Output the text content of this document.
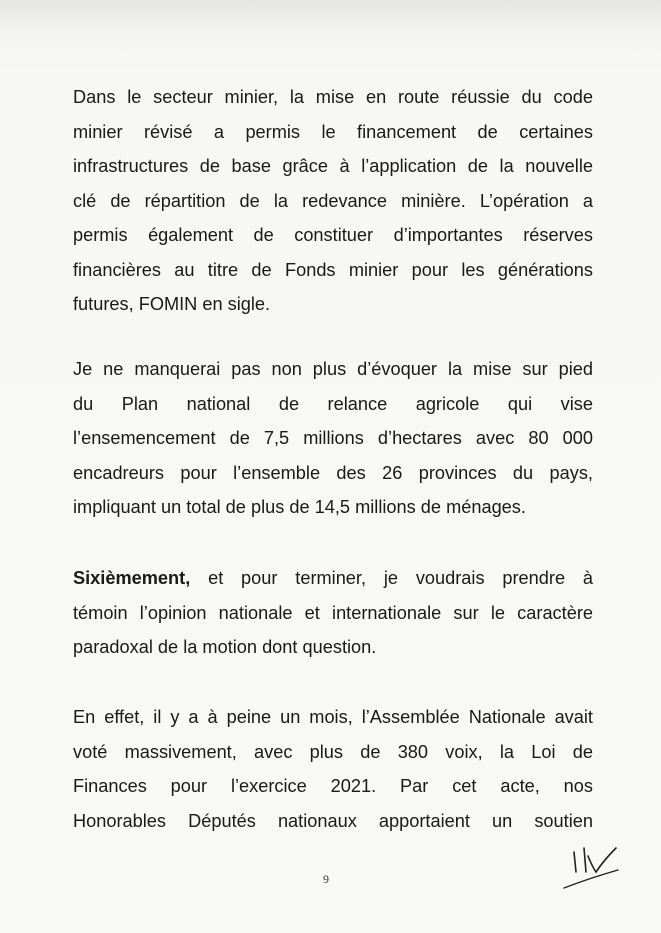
Dans le secteur minier, la mise en route réussie du code
minier révisé a permis le financement de certaines
infrastructures de base grâce à l’application de la nouvelle
clé de répartition de la redevance minière. L’opération a
permis également de constituer d’importantes réserves
financières au titre de Fonds minier pour les générations
futures, FOMIN en sigle.
Je ne manquerai pas non plus d’évoquer la mise sur pied
du Plan national de relance agricole qui vise
l’ensemencement de 7,5 millions d’hectares avec 80 000
encadreurs pour l’ensemble des 26 provinces du pays,
impliquant un total de plus de 14,5 millions de ménages.
Sixièmement, et pour terminer, je voudrais prendre à
témoin l’opinion nationale et internationale sur le caractère
paradoxal de la motion dont question.
En effet, il y a à peine un mois, l’Assemblée Nationale avait
voté massivement, avec plus de 380 voix, la Loi de
Finances pour l’exercice 2021. Par cet acte, nos
Honorables Députés nationaux apportaient un soutien
9
